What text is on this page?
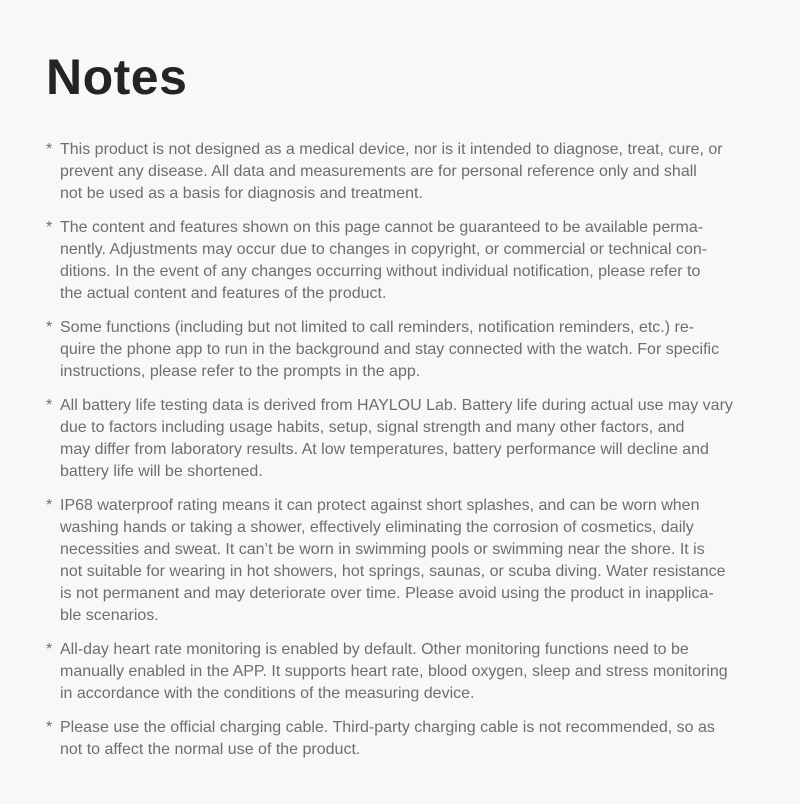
Notes
* This product is not designed as a medical device, nor is it intended to diagnose, treat, cure, or
prevent any disease. All data and measurements are for personal reference only and shall
not be used as a basis for diagnosis and treatment.
* The content and features shown on this page cannot be guaranteed to be available perma-
nently. Adjustments may occur due to changes in copyright, or commercial or technical con-
ditions. In the event of any changes occurring without individual notification, please refer to
the actual content and features of the product.
* Some functions (including but not limited to call reminders, notification reminders, etc.) re-
quire the phone app to run in the background and stay connected with the watch. For specific
instructions, please refer to the prompts in the app.
* All battery life testing data is derived from HAYLOU Lab. Battery life during actual use may vary
due to factors including usage habits, setup, signal strength and many other factors, and
may differ from laboratory results. At low temperatures, battery performance will decline and
battery life will be shortened.
* IP68 waterproof rating means it can protect against short splashes, and can be worn when
washing hands or taking a shower, effectively eliminating the corrosion of cosmetics, daily
necessities and sweat. It can’t be worn in swimming pools or swimming near the shore. It is
not suitable for wearing in hot showers, hot springs, saunas, or scuba diving. Water resistance
is not permanent and may deteriorate over time. Please avoid using the product in inapplica-
ble scenarios.
* All-day heart rate monitoring is enabled by default. Other monitoring functions need to be
manually enabled in the APP. It supports heart rate, blood oxygen, sleep and stress monitoring
in accordance with the conditions of the measuring device.
* Please use the official charging cable. Third-party charging cable is not recommended, so as
not to affect the normal use of the product.
